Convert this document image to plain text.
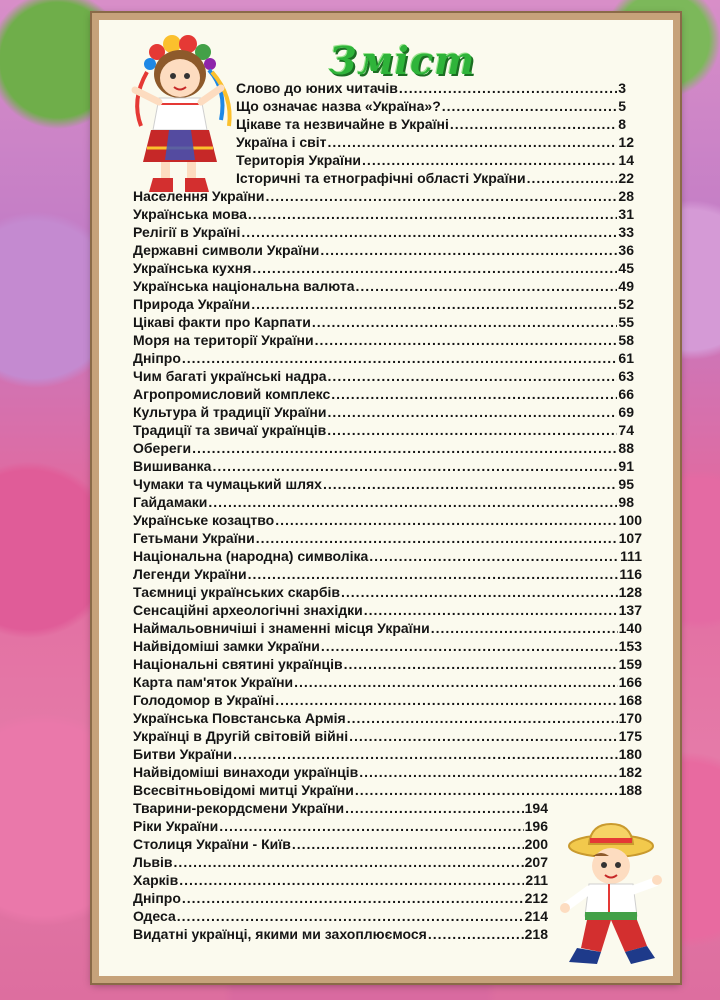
Зміст
Слово до юних читачів .....	3
Що означає назва «Україна»? .....	5
Цікаве та незвичайне в Україні .....	8
Україна і світ .....	12
Територія України .....	14
Історичні та етнографічні області України .....	22
Населення України .....	28
Українська мова .....	31
Релігії в Україні .....	33
Державні символи України .....	36
Українська кухня .....	45
Українська національна валюта .....	49
Природа України .....	52
Цікаві факти про Карпати .....	55
Моря на території України .....	58
Дніпро .....	61
Чим багаті українські надра .....	63
Агропромисловий комплекс .....	66
Культура й традиції України .....	69
Традиції та звичаї українців .....	74
Обереги .....	88
Вишиванка .....	91
Чумаки та чумацький шлях .....	95
Гайдамаки .....	98
Українське козацтво .....	100
Гетьмани України .....	107
Національна (народна) символіка .....	111
Легенди України .....	116
Таємниці українських скарбів .....	128
Сенсаційні археологічні знахідки .....	137
Наймальовничіші і знаменні місця України .....	140
Найвідоміші замки України .....	153
Національні святині українців .....	159
Карта пам'яток України .....	166
Голодомор в Україні .....	168
Українська Повстанська Армія .....	170
Українці в Другій світовій війні .....	175
Битви України .....	180
Найвідоміші винаходи українців .....	182
Всесвітньовідомі митці України .....	188
Тварини-рекордсмени України .....	194
Ріки України .....	196
Столиця України - Київ .....	200
Львів .....	207
Харків .....	211
Дніпро .....	212
Одеса .....	214
Видатні українці, якими ми захоплюємося .....	218
